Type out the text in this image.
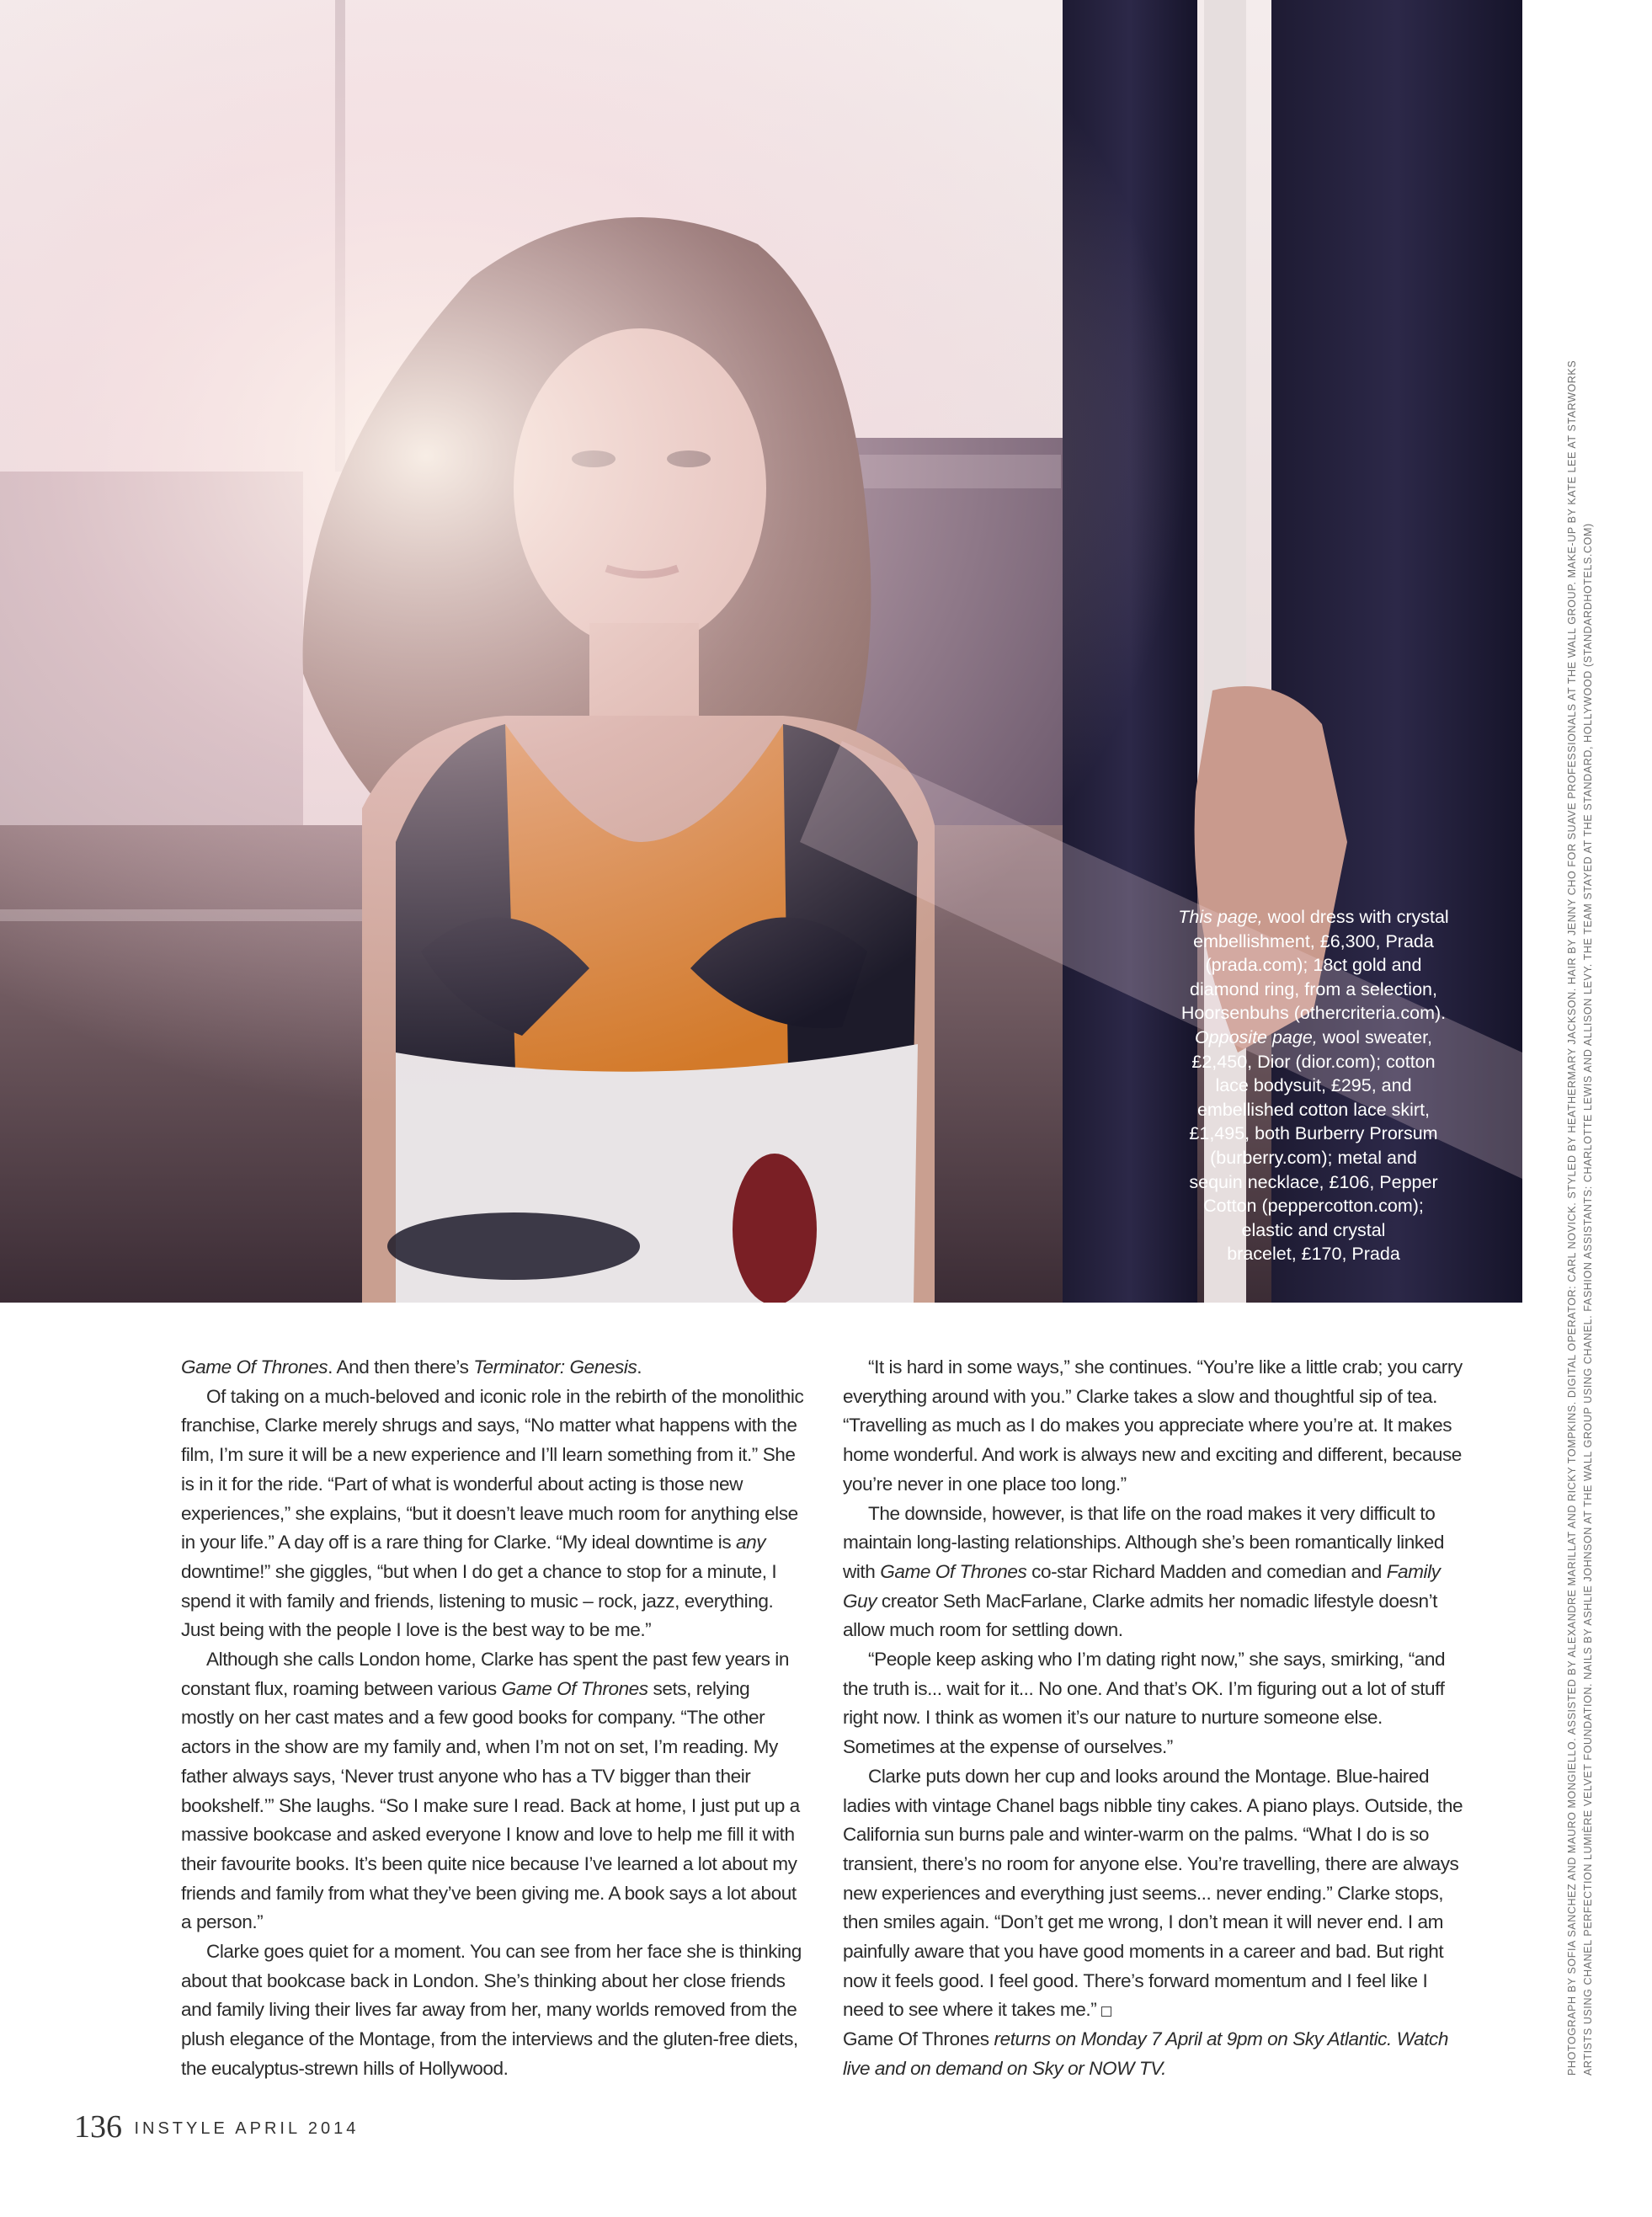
This page, wool dress with crystal
embellishment, £6,300, Prada
(prada.com); 18ct gold and
diamond ring, from a selection,
Hoorsenbuhs (othercriteria.com).
Opposite page, wool sweater,
£2,450, Dior (dior.com); cotton
lace bodysuit, £295, and
embellished cotton lace skirt,
£1,495, both Burberry Prorsum
(burberry.com); metal and
sequin necklace, £106, Pepper
Cotton (peppercotton.com);
elastic and crystal
bracelet, £170, Prada	PHOTOGRAPH BY SOFIA SANCHEZ AND MAURO MONGIELLO. ASSISTED BY ALEXANDRE MARILLAT AND RICKY TOMPKINS. DIGITAL OPERATOR: CARL NOVICK. STYLED BY HEATHERMARY JACKSON. HAIR BY JENNY CHO FOR SUAVE PROFESSIONALS AT THE WALL GROUP. MAKE-UP BY KATE LEE AT STARWORKS ARTISTS USING CHANEL PERFECTION LUMIÈRE VELVET FOUNDATION. NAILS BY ASHLIE JOHNSON AT THE WALL GROUP USING CHANEL. FASHION ASSISTANTS: CHARLOTTE LEWIS AND ALLISON LEVY. THE TEAM STAYED AT THE STANDARD, HOLLYWOOD (STANDARDHOTELS.COM)

Game Of Thrones. And then there’s Terminator: Genesis.

Of taking on a much-beloved and iconic role in the rebirth of the monolithic franchise, Clarke merely shrugs and says, “No matter what happens with the film, I’m sure it will be a new experience and I’ll learn something from it.” She is in it for the ride. “Part of what is wonderful about acting is those new experiences,” she explains, “but it doesn’t leave much room for anything else in your life.” A day off is a rare thing for Clarke. “My ideal downtime is any downtime!” she giggles, “but when I do get a chance to stop for a minute, I spend it with family and friends, listening to music – rock, jazz, everything. Just being with the people I love is the best way to be me.”

Although she calls London home, Clarke has spent the past few years in constant flux, roaming between various Game Of Thrones sets, relying mostly on her cast mates and a few good books for company. “The other actors in the show are my family and, when I’m not on set, I’m reading. My father always says, ‘Never trust anyone who has a TV bigger than their bookshelf.’” She laughs. “So I make sure I read. Back at home, I just put up a massive bookcase and asked everyone I know and love to help me fill it with their favourite books. It’s been quite nice because I’ve learned a lot about my friends and family from what they’ve been giving me. A book says a lot about a person.”

Clarke goes quiet for a moment. You can see from her face she is thinking about that bookcase back in London. She’s thinking about her close friends and family living their lives far away from her, many worlds removed from the plush elegance of the Montage, from the interviews and the gluten-free diets, the eucalyptus-strewn hills of Hollywood.

“It is hard in some ways,” she continues. “You’re like a little crab; you carry everything around with you.” Clarke takes a slow and thoughtful sip of tea. “Travelling as much as I do makes you appreciate where you’re at. It makes home wonderful. And work is always new and exciting and different, because you’re never in one place too long.”

The downside, however, is that life on the road makes it very difficult to maintain long-lasting relationships. Although she’s been romantically linked with Game Of Thrones co-star Richard Madden and comedian and Family Guy creator Seth MacFarlane, Clarke admits her nomadic lifestyle doesn’t allow much room for settling down.

“People keep asking who I’m dating right now,” she says, smirking, “and the truth is... wait for it... No one. And that’s OK. I’m figuring out a lot of stuff right now. I think as women it’s our nature to nurture someone else. Sometimes at the expense of ourselves.”

Clarke puts down her cup and looks around the Montage. Blue-haired ladies with vintage Chanel bags nibble tiny cakes. A piano plays. Outside, the California sun burns pale and winter-warm on the palms. “What I do is so transient, there’s no room for anyone else. You’re travelling, there are always new experiences and everything just seems... never ending.” Clarke stops, then smiles again. “Don’t get me wrong, I don’t mean it will never end. I am painfully aware that you have good moments in a career and bad. But right now it feels good. I feel good. There’s forward momentum and I feel like I need to see where it takes me.”

Game Of Thrones returns on Monday 7 April at 9pm on Sky Atlantic. Watch live and on demand on Sky or NOW TV.

136 INSTYLE APRIL 2014
